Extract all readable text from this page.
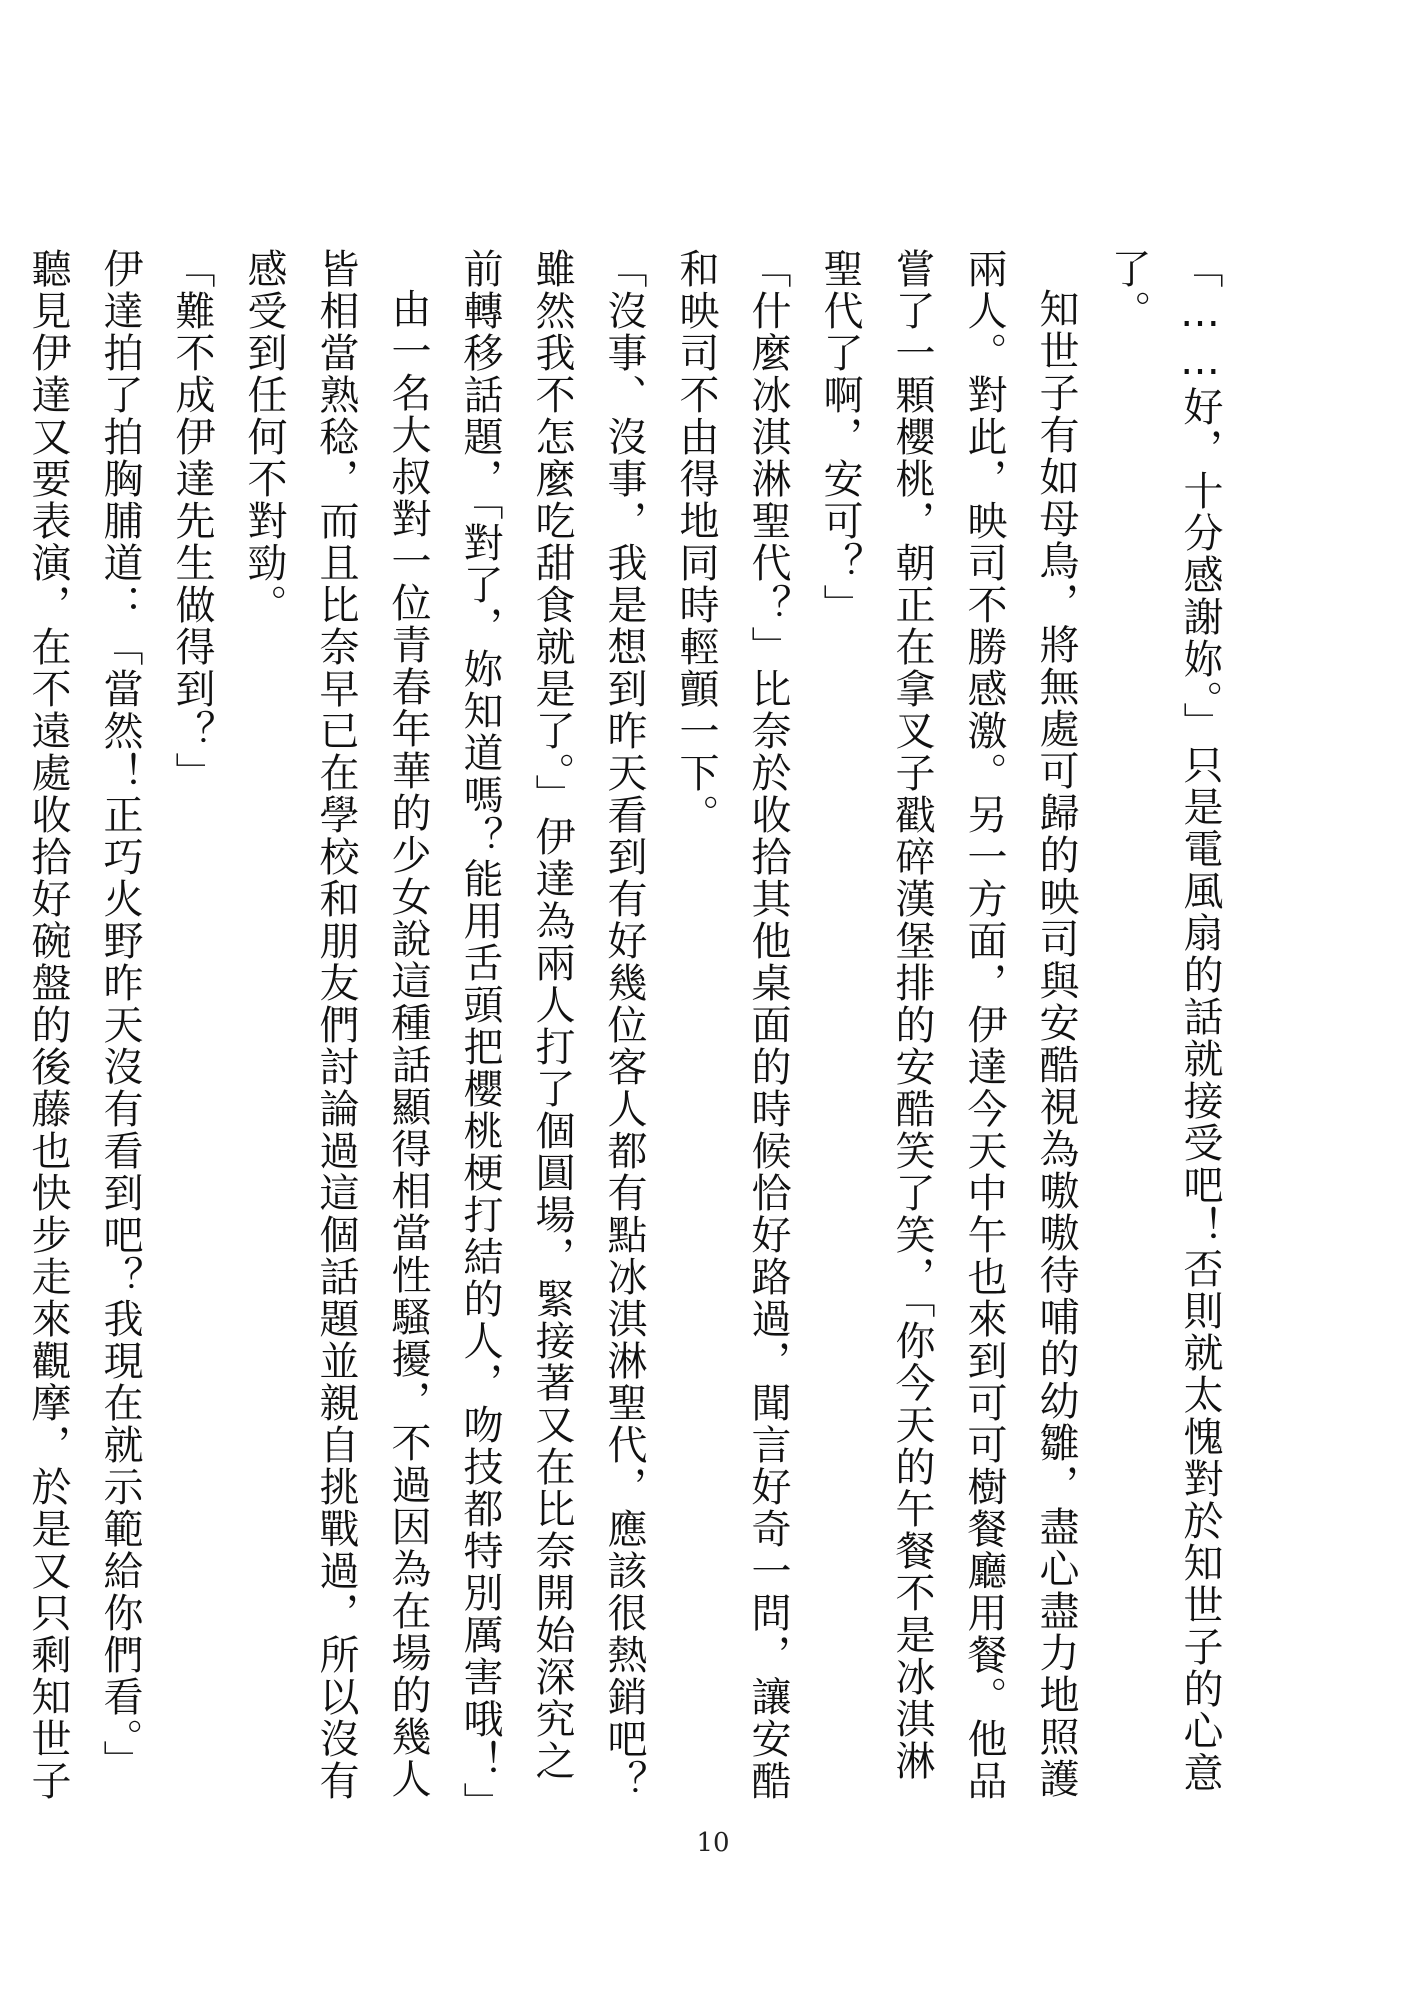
「……好，十分感謝妳。」只是電風扇的話就接受吧！否則就太愧對於知世子的心意了。

知世子有如母鳥，將無處可歸的映司與安酷視為嗷嗷待哺的幼雛，盡心盡力地照護兩人。對此，映司不勝感激。另一方面，伊達今天中午也來到可可樹餐廳用餐。他品嘗了一顆櫻桃，朝正在拿叉子戳碎漢堡排的安酷笑了笑，「你今天的午餐不是冰淇淋聖代了啊，安可？」

「什麼冰淇淋聖代？」比奈於收拾其他桌面的時候恰好路過，聞言好奇一問，讓安酷和映司不由得地同時輕顫一下。

「沒事、沒事，我是想到昨天看到有好幾位客人都有點冰淇淋聖代，應該很熱銷吧？雖然我不怎麼吃甜食就是了。」伊達為兩人打了個圓場，緊接著又在比奈開始深究之前轉移話題，「對了，妳知道嗎？能用舌頭把櫻桃梗打結的人，吻技都特別厲害哦！」

由一名大叔對一位青春年華的少女說這種話顯得相當性騷擾，不過因為在場的幾人皆相當熟稔，而且比奈早已在學校和朋友們討論過這個話題並親自挑戰過，所以沒有感受到任何不對勁。

「難不成伊達先生做得到？」

伊達拍了拍胸脯道：「當然！正巧火野昨天沒有看到吧？我現在就示範給你們看。」

聽見伊達又要表演，在不遠處收拾好碗盤的後藤也快步走來觀摩，於是又只剩知世子

10
